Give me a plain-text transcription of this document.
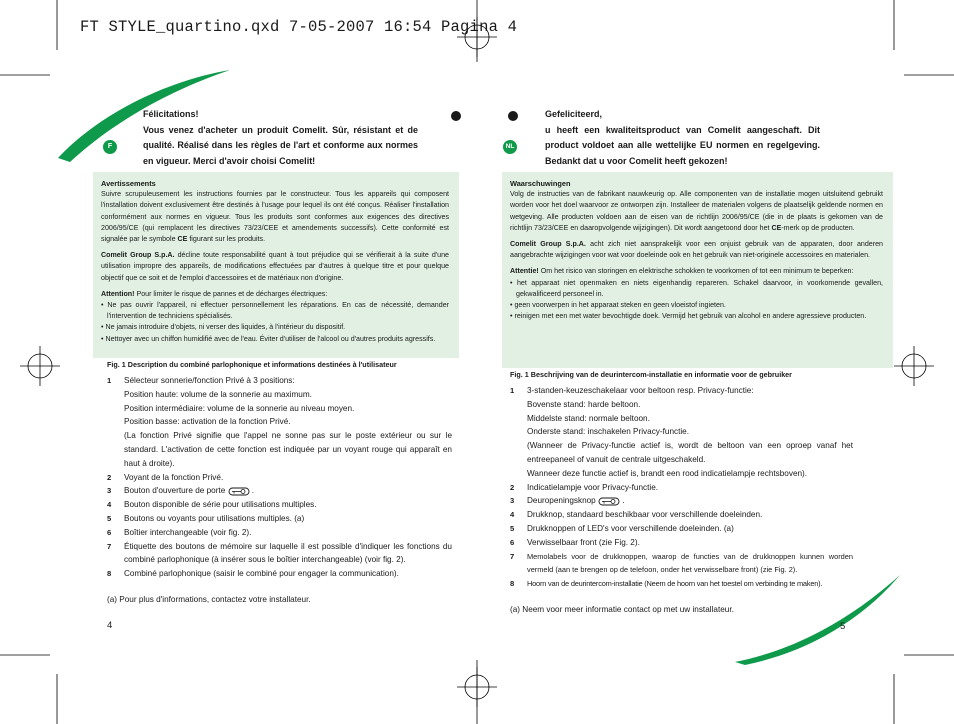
FT STYLE_quartino.qxd 7-05-2007 16:54 Pagina 4
F

Félicitations!

Vous venez d'acheter un produit Comelit. Sûr, résistant et de qualité. Réalisé dans les règles de l'art et conforme aux normes en vigueur. Merci d'avoir choisi Comelit!

Avertissements

Suivre scrupuleusement les instructions fournies par le constructeur. Tous les appareils qui composent l'installation doivent exclusivement être destinés à l'usage pour lequel ils ont été conçus. Réaliser l'installation conformément aux normes en vigueur. Tous les produits sont conformes aux exigences des directives 2006/95/CE (qui remplacent les directives 73/23/CEE et amendements successifs). Cette conformité est signalée par le symbole CE figurant sur les produits.

Comelit Group S.p.A. décline toute responsabilité quant à tout préjudice qui se vérifierait à la suite d'une utilisation impropre des appareils, de modifications effectuées par d'autres à quelque titre et pour quelque objectif que ce soit et de l'emploi d'accessoires et de matériaux non d'origine.

Attention! Pour limiter le risque de pannes et de décharges électriques:

• Ne pas ouvrir l'appareil, ni effectuer personnellement les réparations. En cas de nécessité, demander l'intervention de techniciens spécialisés.

• Ne jamais introduire d'objets, ni verser des liquides, à l'intérieur du dispositif.

• Nettoyer avec un chiffon humidifié avec de l'eau. Éviter d'utiliser de l'alcool ou d'autres produits agressifs.

Fig. 1 Description du combiné parlophonique et informations destinées à l'utilisateur
1	Sélecteur sonnerie/fonction Privé à 3 positions:
Position haute: volume de la sonnerie au maximum.
Position intermédiaire: volume de la sonnerie au niveau moyen.
Position basse: activation de la fonction Privé.
(La fonction Privé signifie que l'appel ne sonne pas sur le poste extérieur ou sur le standard. L'activation de cette fonction est indiquée par un voyant rouge qui apparaît en haut à droite).
2	Voyant de la fonction Privé.
3	Bouton d'ouverture de porte	.
4	Bouton disponible de série pour utilisations multiples.
5	Boutons ou voyants pour utilisations multiples. (a)
6	Boîtier interchangeable (voir fig. 2).
7	Étiquette des boutons de mémoire sur laquelle il est possible d'indiquer les fonctions du combiné parlophonique (à insérer sous le boîtier interchangeable) (voir fig. 2).
8	Combiné parlophonique (saisir le combiné pour engager la communication).
(a) Pour plus d'informations, contactez votre installateur.
4
NL

Gefeliciteerd,

u heeft een kwaliteitsproduct van Comelit aangeschaft. Dit product voldoet aan alle wettelijke EU normen en regelgeving. Bedankt dat u voor Comelit heeft gekozen!

Waarschuwingen

Volg de instructies van de fabrikant nauwkeurig op. Alle componenten van de installatie mogen uitsluitend gebruikt worden voor het doel waarvoor ze ontworpen zijn. Installeer de materialen volgens de plaatselijk geldende normen en wetgeving. Alle producten voldoen aan de eisen van de richtlijn 2006/95/CE (die in de plaats is gekomen van de richtlijn 73/23/CEE en daaropvolgende wijzigingen). Dit wordt aangetoond door het CE-merk op de producten.

Comelit Group S.p.A. acht zich niet aansprakelijk voor een onjuist gebruik van de apparaten, door anderen aangebrachte wijzigingen voor wat voor doeleinde ook en het gebruik van niet-originele accessoires en materialen.

Attentie! Om het risico van storingen en elektrische schokken te voorkomen of tot een minimum te beperken:

• het apparaat niet openmaken en niets eigenhandig repareren. Schakel daarvoor, in voorkomende gevallen, gekwalificeerd personeel in.

• geen voorwerpen in het apparaat steken en geen vloeistof ingieten.

• reinigen met een met water bevochtigde doek. Vermijd het gebruik van alcohol en andere agressieve producten.

Fig. 1 Beschrijving van de deurintercom-installatie en informatie voor de gebruiker
1	3-standen-keuzeschakelaar voor beltoon resp. Privacy-functie:
Bovenste stand: harde beltoon.
Middelste stand: normale beltoon.
Onderste stand: inschakelen Privacy-functie.
(Wanneer de Privacy-functie actief is, wordt de beltoon van een oproep vanaf het entreepaneel of vanuit de centrale uitgeschakeld.
Wanneer deze functie actief is, brandt een rood indicatielampje rechtsboven).
2	Indicatielampje voor Privacy-functie.
3	Deuropeningsknop	.
4	Drukknop, standaard beschikbaar voor verschillende doeleinden.
5	Drukknoppen of LED's voor verschillende doeleinden. (a)
6	Verwisselbaar front (zie Fig. 2).
7	Memolabels voor de drukknoppen, waarop de functies van de drukknoppen kunnen worden vermeld (aan te brengen op de telefoon, onder het verwisselbare front) (zie Fig. 2).
8	Hoorn van de deurintercom-installatie (Neem de hoorn van het toestel om verbinding te maken).
(a) Neem voor meer informatie contact op met uw installateur.
5
